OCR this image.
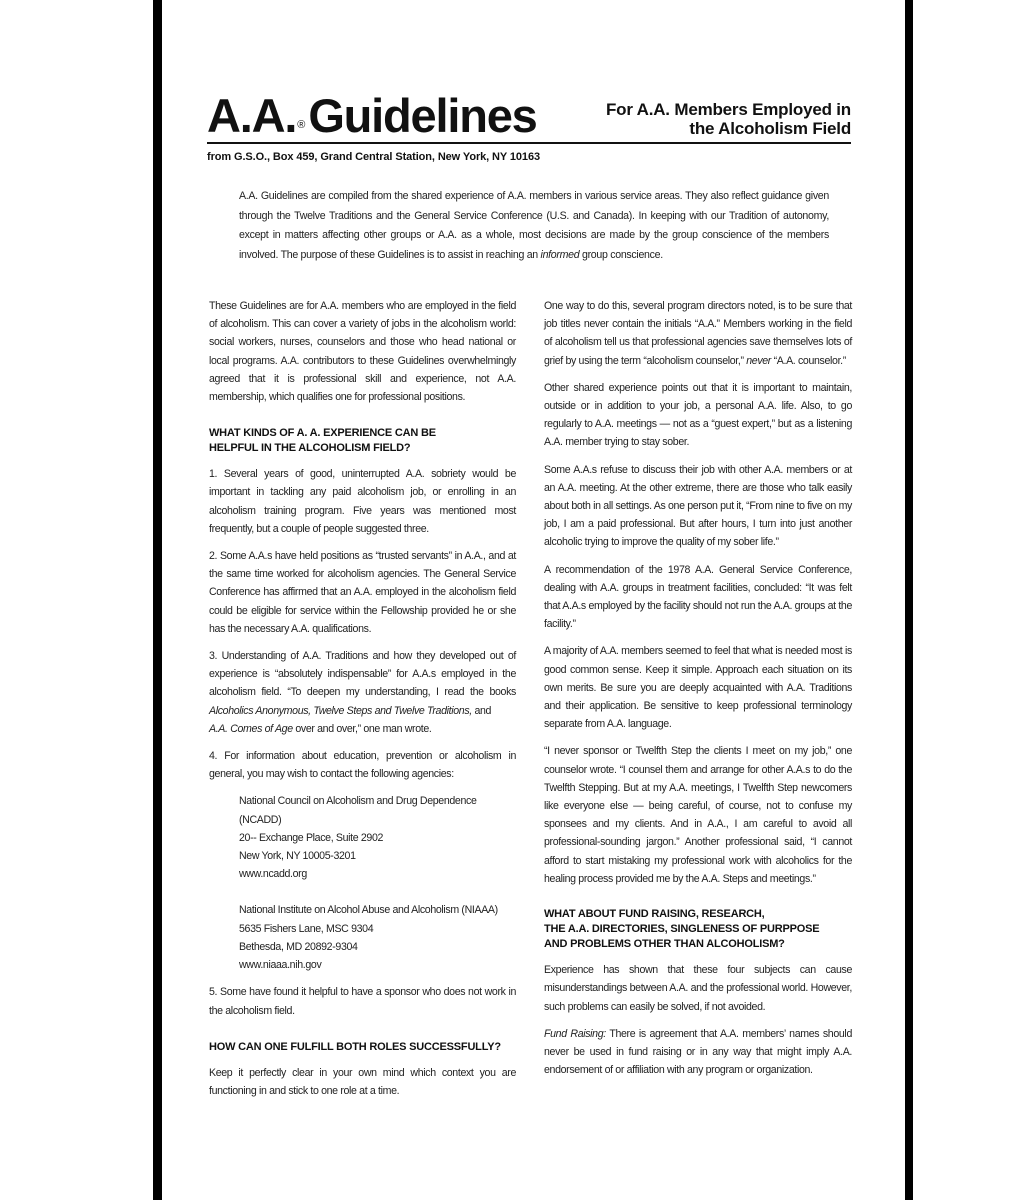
A.A.®Guidelines	For A.A. Members Employed in
the Alcoholism Field
from G.S.O., Box 459, Grand Central Station, New York, NY 10163
A.A. Guidelines are compiled from the shared experience of A.A. members in various service areas. They also reflect guidance given through the Twelve Traditions and the General Service Conference (U.S. and Canada). In keeping with our Tradition of autonomy, except in matters affecting other groups or A.A. as a whole, most decisions are made by the group conscience of the members involved. The purpose of these Guidelines is to assist in reaching an informed group conscience.

These Guidelines are for A.A. members who are employed in the field of alcoholism. This can cover a variety of jobs in the alcoholism world: social workers, nurses, counselors and those who head national or local programs. A.A. contributors to these Guidelines overwhelmingly agreed that it is professional skill and experience, not A.A. membership, which qualifies one for professional positions.

WHAT KINDS OF A. A. EXPERIENCE CAN BE
HELPFUL IN THE ALCOHOLISM FIELD?

1. Several years of good, uninterrupted A.A. sobriety would be important in tackling any paid alcoholism job, or enrolling in an alcoholism training program. Five years was mentioned most frequently, but a couple of people suggested three.

2. Some A.A.s have held positions as “trusted servants” in A.A., and at the same time worked for alcoholism agencies. The General Service Conference has affirmed that an A.A. employed in the alcoholism field could be eligible for service within the Fellowship provided he or she has the necessary A.A. qualifications.

3. Understanding of A.A. Traditions and how they developed out of experience is “absolutely indispensable” for A.A.s employed in the alcoholism field. “To deepen my understanding, I read the books Alcoholics Anonymous, Twelve Steps and Twelve Traditions, and
A.A. Comes of Age over and over,” one man wrote.

4. For information about education, prevention or alcoholism in general, you may wish to contact the following agencies:

National Council on Alcoholism and Drug Dependence
(NCADD)
20-- Exchange Place, Suite 2902
New York, NY 10005-3201
www.ncadd.org
National Institute on Alcohol Abuse and Alcoholism (NIAAA)
5635 Fishers Lane, MSC 9304
Bethesda, MD 20892-9304
www.niaaa.nih.gov

5. Some have found it helpful to have a sponsor who does not work in the alcoholism field.

HOW CAN ONE FULFILL BOTH ROLES SUCCESSFULLY?

Keep it perfectly clear in your own mind which context you are functioning in and stick to one role at a time.

One way to do this, several program directors noted, is to be sure that job titles never contain the initials “A.A.” Members working in the field of alcoholism tell us that professional agencies save themselves lots of grief by using the term “alcoholism counselor,” never “A.A. counselor.”

Other shared experience points out that it is important to maintain, outside or in addition to your job, a personal A.A. life. Also, to go regularly to A.A. meetings — not as a “guest expert,” but as a listening A.A. member trying to stay sober.

Some A.A.s refuse to discuss their job with other A.A. members or at an A.A. meeting. At the other extreme, there are those who talk easily about both in all settings. As one person put it, “From nine to five on my job, I am a paid professional. But after hours, I turn into just another alcoholic trying to improve the quality of my sober life.”

A recommendation of the 1978 A.A. General Service Conference, dealing with A.A. groups in treatment facilities, concluded: “It was felt that A.A.s employed by the facility should not run the A.A. groups at the facility.”

A majority of A.A. members seemed to feel that what is needed most is good common sense. Keep it simple. Approach each situation on its own merits. Be sure you are deeply acquainted with A.A. Traditions and their application. Be sensitive to keep professional terminology separate from A.A. language.

“I never sponsor or Twelfth Step the clients I meet on my job,” one counselor wrote. “I counsel them and arrange for other A.A.s to do the Twelfth Stepping. But at my A.A. meetings, I Twelfth Step newcomers like everyone else — being careful, of course, not to confuse my sponsees and my clients. And in A.A., I am careful to avoid all professional-sounding jargon.” Another professional said, “I cannot afford to start mistaking my professional work with alcoholics for the healing process provided me by the A.A. Steps and meetings.”

WHAT ABOUT FUND RAISING, RESEARCH,
THE A.A. DIRECTORIES, SINGLENESS OF PURPPOSE
AND PROBLEMS OTHER THAN ALCOHOLISM?

Experience has shown that these four subjects can cause misunderstandings between A.A. and the professional world. However, such problems can easily be solved, if not avoided.

Fund Raising: There is agreement that A.A. members’ names should never be used in fund raising or in any way that might imply A.A. endorsement of or affiliation with any program or organization.
